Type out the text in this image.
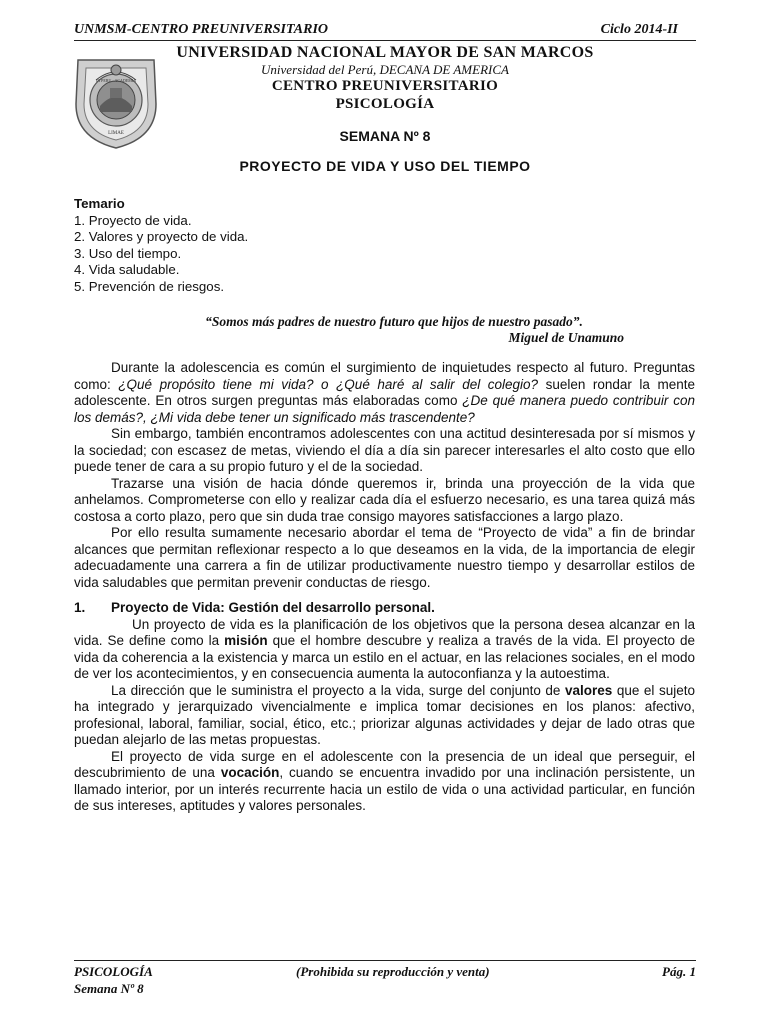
UNMSM-CENTRO PREUNIVERSITARIO	Ciclo 2014-II
IN PERU · ACADEMIA
LIMAE
UNIVERSIDAD NACIONAL MAYOR DE SAN MARCOS
Universidad del Perú, DECANA DE AMERICA
CENTRO PREUNIVERSITARIO
PSICOLOGÍA
SEMANA Nº 8
PROYECTO DE VIDA Y USO DEL TIEMPO
Temario
1. Proyecto de vida.
2. Valores y proyecto de vida.
3. Uso del tiempo.
4. Vida saludable.
5. Prevención de riesgos.
“Somos más padres de nuestro futuro que hijos de nuestro pasado”.
Miguel de Unamuno

Durante la adolescencia es común el surgimiento de inquietudes respecto al futuro. Preguntas como: ¿Qué propósito tiene mi vida? o ¿Qué haré al salir del colegio? suelen rondar la mente adolescente. En otros surgen preguntas más elaboradas como ¿De qué manera puedo contribuir con los demás?, ¿Mi vida debe tener un significado más trascendente?

Sin embargo, también encontramos adolescentes con una actitud desinteresada por sí mismos y la sociedad; con escasez de metas, viviendo el día a día sin parecer interesarles el alto costo que ello puede tener de cara a su propio futuro y el de la sociedad.

Trazarse una visión de hacia dónde queremos ir, brinda una proyección de la vida que anhelamos. Comprometerse con ello y realizar cada día el esfuerzo necesario, es una tarea quizá más costosa a corto plazo, pero que sin duda trae consigo mayores satisfacciones a largo plazo.

Por ello resulta sumamente necesario abordar el tema de “Proyecto de vida” a fin de brindar alcances que permitan reflexionar respecto a lo que deseamos en la vida, de la importancia de elegir adecuadamente una carrera a fin de utilizar productivamente nuestro tiempo y desarrollar estilos de vida saludables que permitan prevenir conductas de riesgo.

1. Proyecto de Vida: Gestión del desarrollo personal.

Un proyecto de vida es la planificación de los objetivos que la persona desea alcanzar en la vida. Se define como la misión que el hombre descubre y realiza a través de la vida. El proyecto de vida da coherencia a la existencia y marca un estilo en el actuar, en las relaciones sociales, en el modo de ver los acontecimientos, y en consecuencia aumenta la autoconfianza y la autoestima.

La dirección que le suministra el proyecto a la vida, surge del conjunto de valores que el sujeto ha integrado y jerarquizado vivencialmente e implica tomar decisiones en los planos: afectivo, profesional, laboral, familiar, social, ético, etc.; priorizar algunas actividades y dejar de lado otras que puedan alejarlo de las metas propuestas.

El proyecto de vida surge en el adolescente con la presencia de un ideal que perseguir, el descubrimiento de una vocación, cuando se encuentra invadido por una inclinación persistente, un llamado interior, por un interés recurrente hacia un estilo de vida o una actividad particular, en función de sus intereses, aptitudes y valores personales.

PSICOLOGÍA	(Prohibida su reproducción y venta)	Pág. 1
Semana Nº 8
